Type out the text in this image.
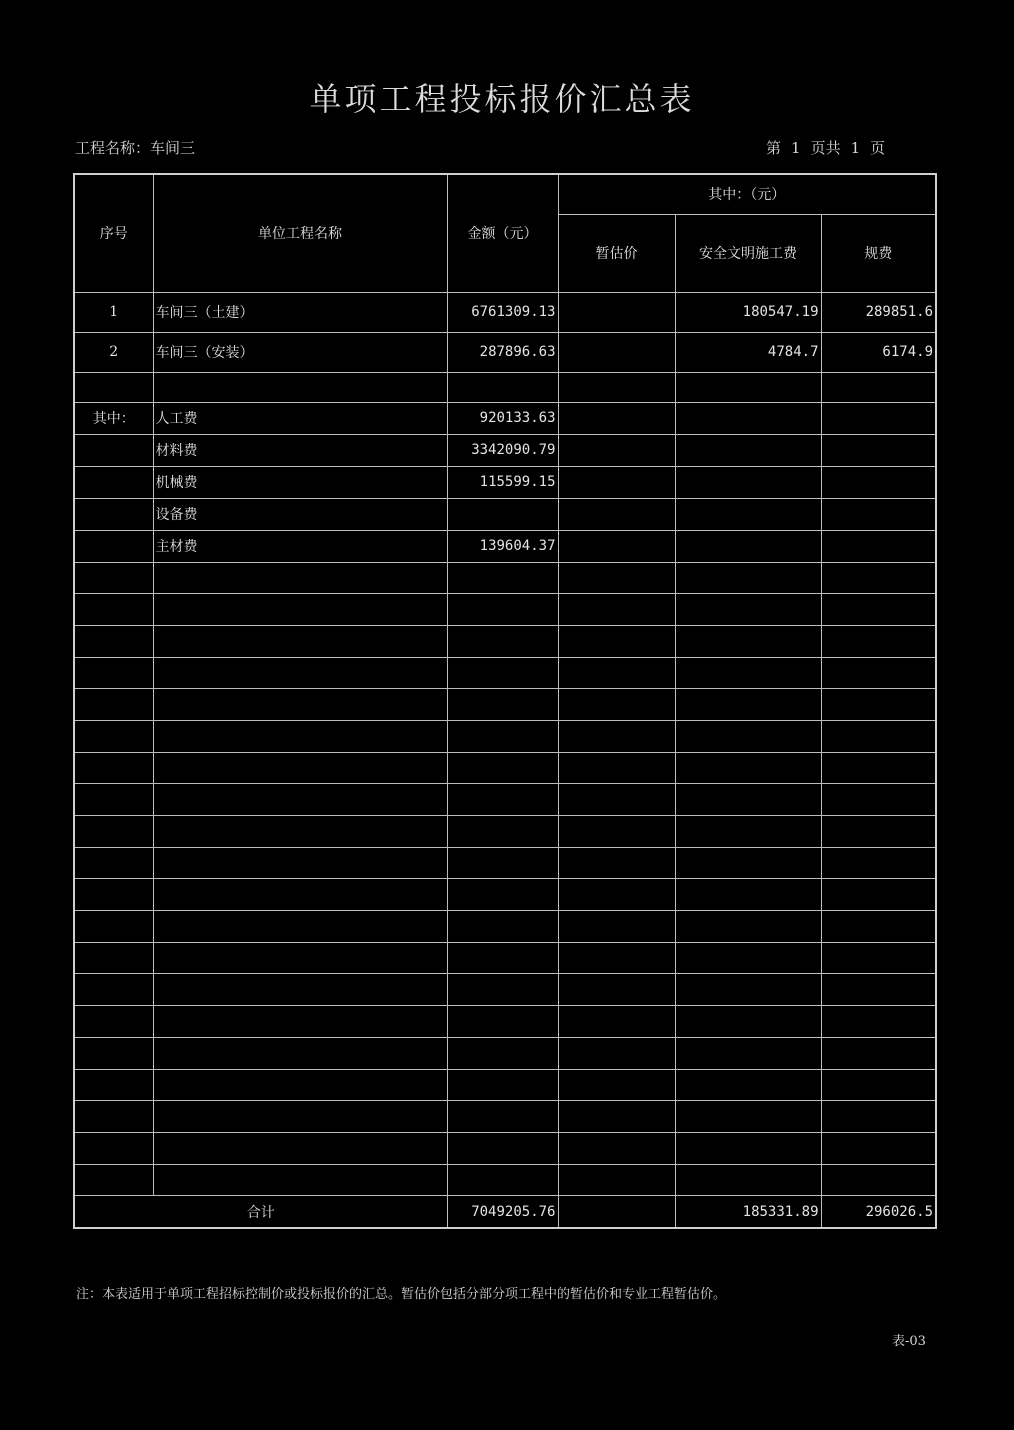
单项工程投标报价汇总表
工程名称：车间三	第 1 页共 1 页
序号	单位工程名称	金额（元）	其中：（元）		
			暂估价	安全文明施工费	规费
1	车间三（土建）	6761309.13		180547.19	289851.6
2	车间三（安装）	287896.63		4784.7	6174.9

其中：	人工费	920133.63			
	材料费	3342090.79			
	机械费	115599.15			
	设备费				
	主材费	139604.37			

合计		7049205.76		185331.89	296026.5
注：本表适用于单项工程招标控制价或投标报价的汇总。暂估价包括分部分项工程中的暂估价和专业工程暂估价。
表-03
